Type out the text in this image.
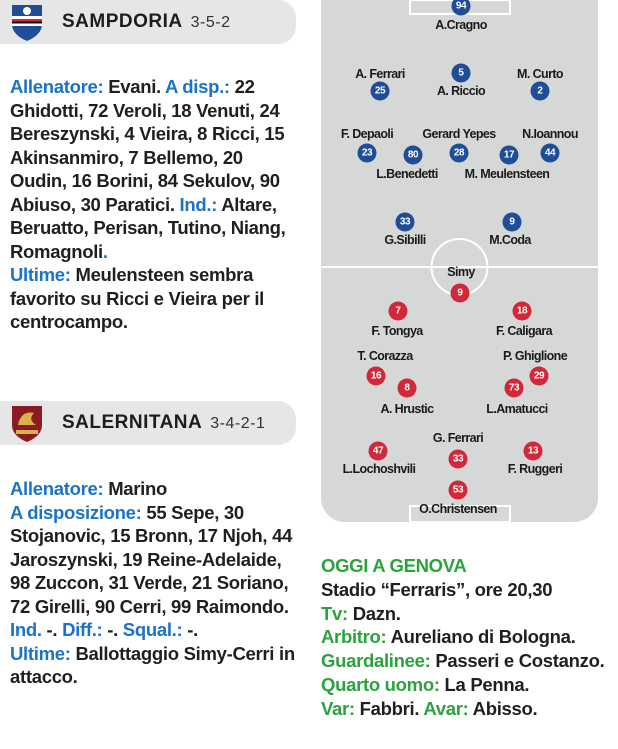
SAMPDORIA 3-5-2

Allenatore: Evani. A disp.: 22 Ghidotti, 72 Veroli, 18 Venuti, 24 Bereszynski, 4 Vieira, 8 Ricci, 15 Akinsanmiro, 7 Bellemo, 20 Oudin, 16 Borini, 84 Sekulov, 90 Abiuso, 30 Paratici. Ind.: Altare, Beruatto, Perisan, Tutino, Niang, Romagnoli.

Ultime: Meulensteen sembra favorito su Ricci e Vieira per il centrocampo.

SALERNITANA 3-4-2-1

Allenatore: Marino

A disposizione: 55 Sepe, 30 Stojanovic, 15 Bronn, 17 Njoh, 44 Jaroszynski, 19 Reine-Adelaide, 98 Zuccon, 31 Verde, 21 Soriano, 72 Girelli, 90 Cerri, 99 Raimondo.

Ind. -. Diff.: -. Squal.: -.

Ultime: Ballottaggio Simy-Cerri in attacco.

94
A.Cragno
A. Ferrari
25
5
A. Riccio
M. Curto
2
F. Depaoli
23
Gerard Yepes
28
N.Ioannou
44
80
L.Benedetti
17
M. Meulensteen
33
G.Sibilli
9
M.Coda
Simy
9
7
F. Tongya
18
F. Caligara
T. Corazza
16
P. Ghiglione
29
8
A. Hrustic
73
L.Amatucci
G. Ferrari
33
47
L.Lochoshvili
13
F. Ruggeri
53
O.Christensen
OGGI A GENOVA
Stadio “Ferraris”, ore 20,30
Tv: Dazn.
Arbitro: Aureliano di Bologna.
Guardalinee: Passeri e Costanzo.
Quarto uomo: La Penna.
Var: Fabbri. Avar: Abisso.
